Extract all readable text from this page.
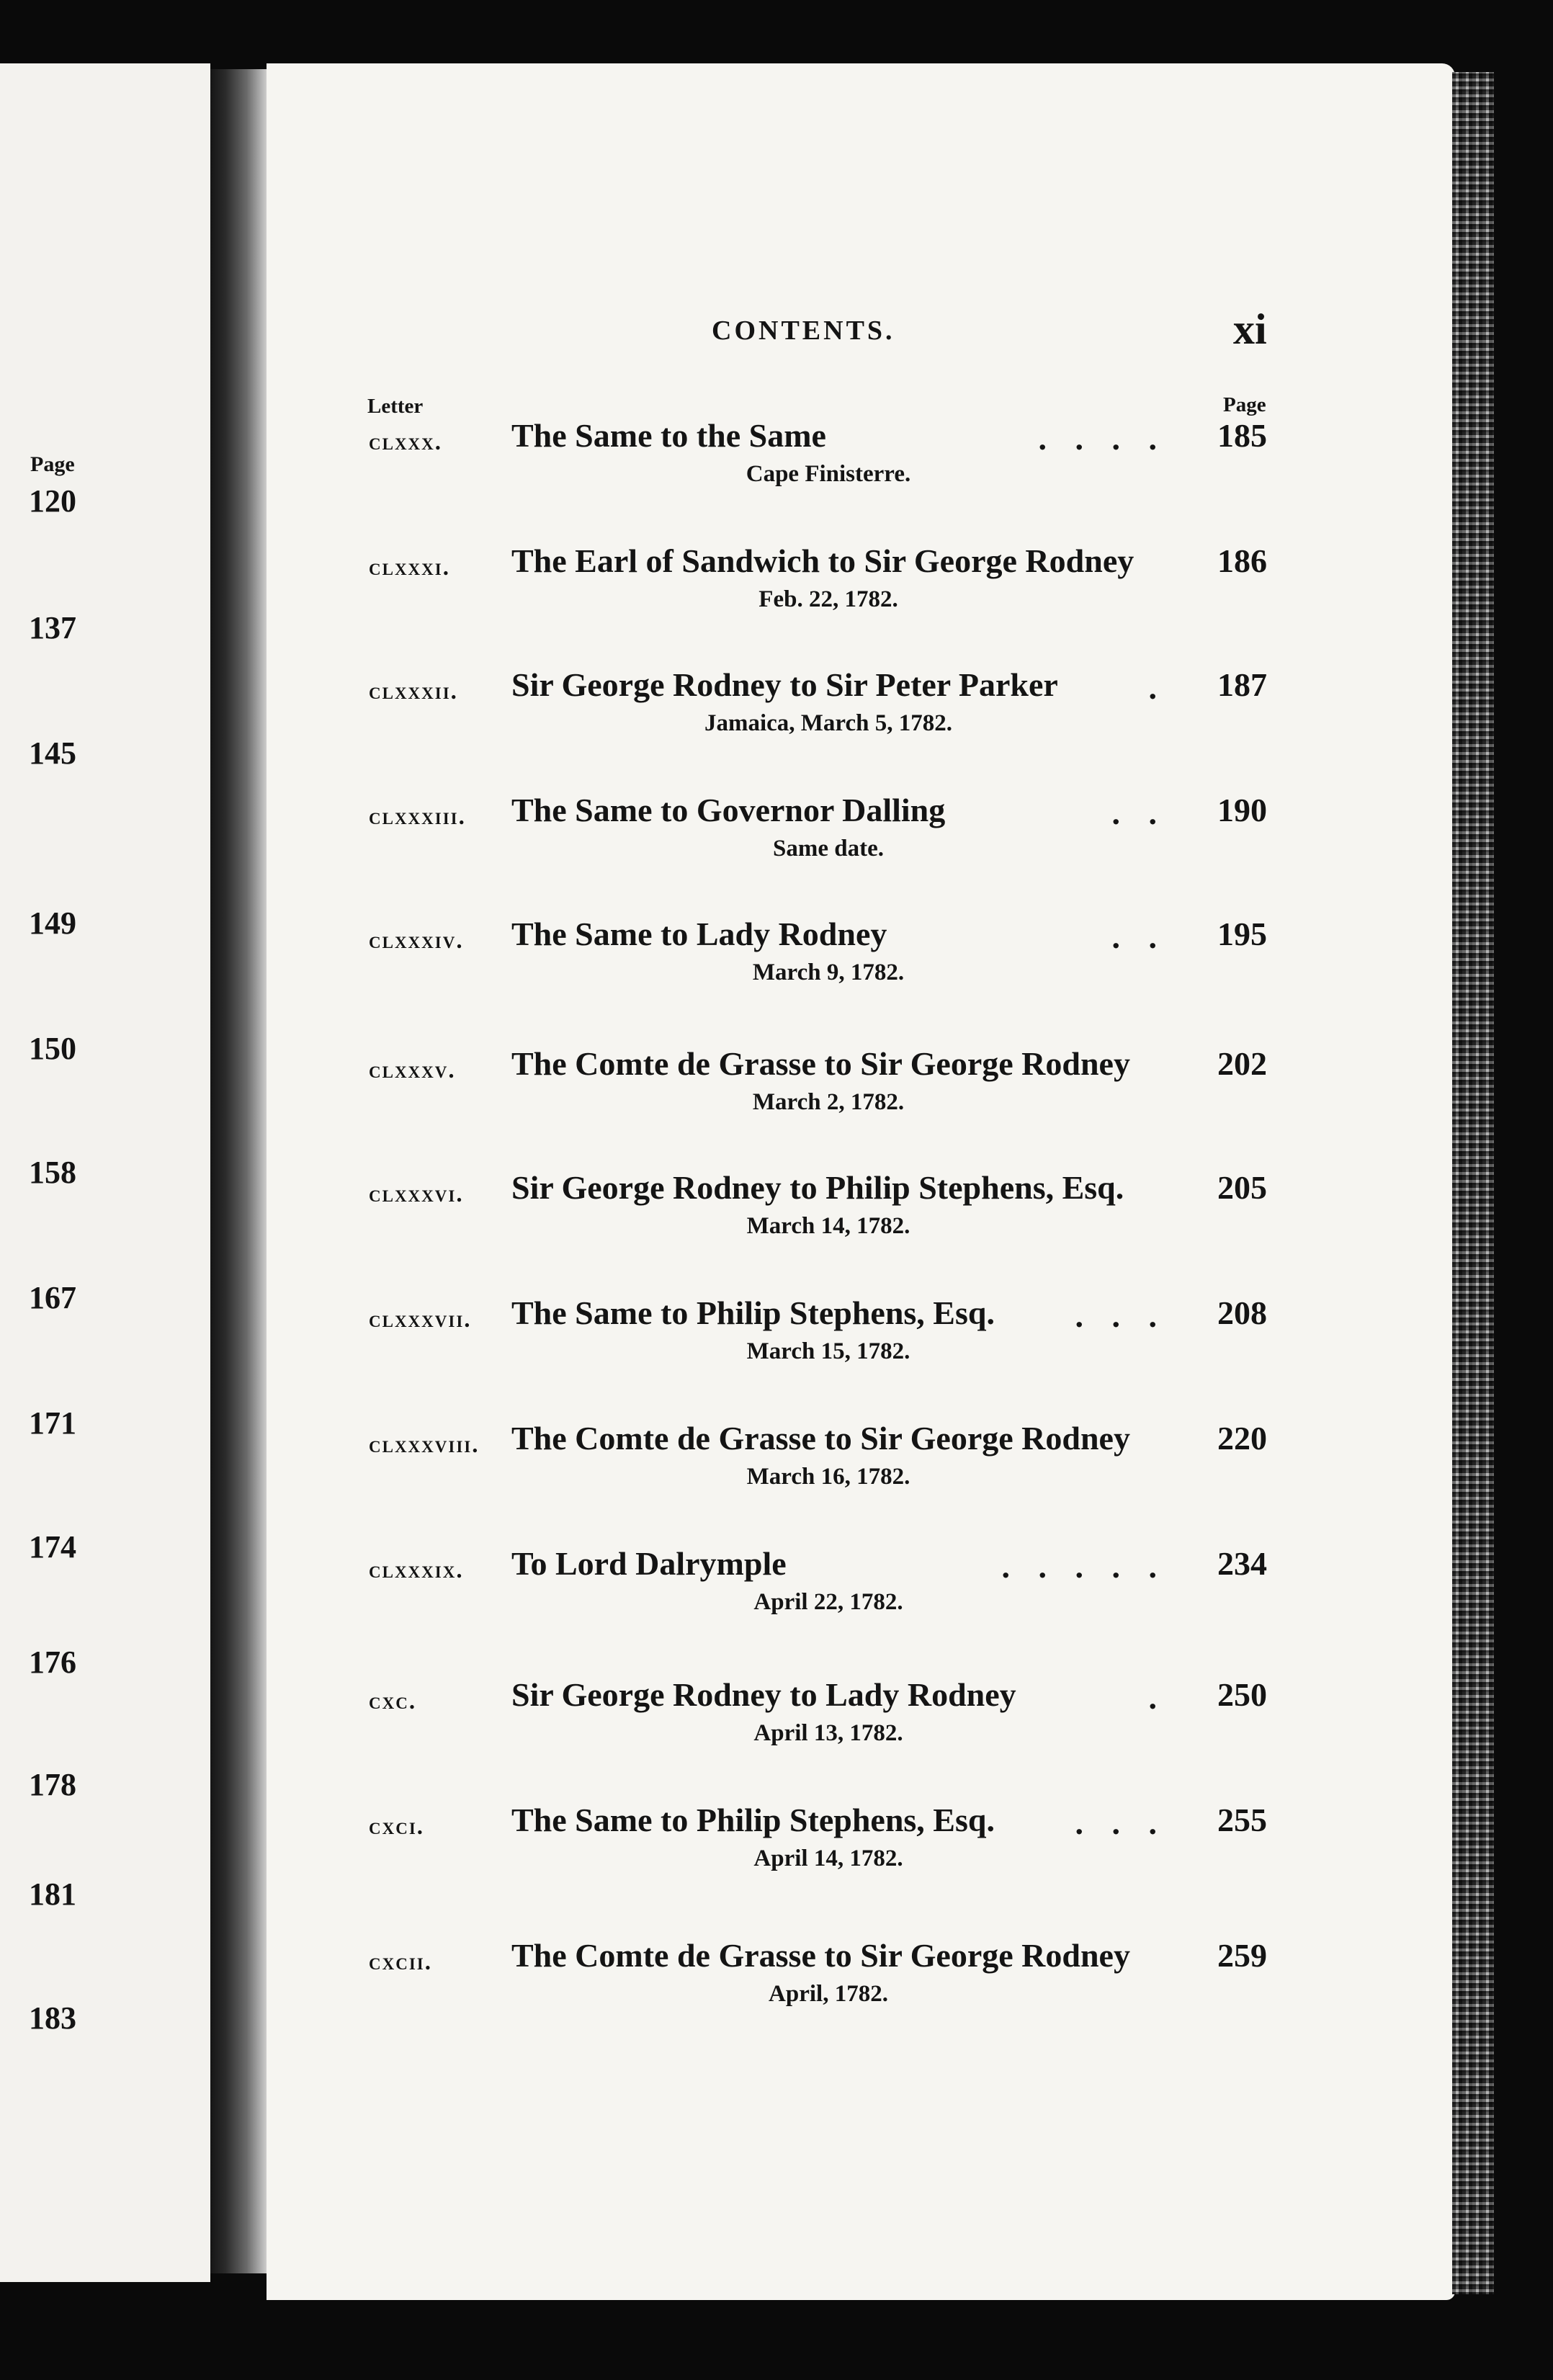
Page
120
137
145
149
150
158
167
171
174
176
178
181
183
CONTENTS.	xi
Letter	Page
clxxx. The Same to the Same	. . . . 185
Cape Finisterre.
clxxxi. The Earl of Sandwich to Sir George Rodney	186
Feb. 22, 1782.
clxxxii. Sir George Rodney to Sir Peter Parker	. 187
Jamaica, March 5, 1782.
clxxxiii. The Same to Governor Dalling	. . 190
Same date.
clxxxiv. The Same to Lady Rodney	. . 195
March 9, 1782.
clxxxv. The Comte de Grasse to Sir George Rodney	202
March 2, 1782.
clxxxvi. Sir George Rodney to Philip Stephens, Esq.	205
March 14, 1782.
clxxxvii. The Same to Philip Stephens, Esq.	. . . 208
March 15, 1782.
clxxxviii. The Comte de Grasse to Sir George Rodney	220
March 16, 1782.
clxxxix. To Lord Dalrymple	. . . . . 234
April 22, 1782.
cxc.	Sir George Rodney to Lady Rodney	. 250
April 13, 1782.
cxci.	The Same to Philip Stephens, Esq.	. . . 255
April 14, 1782.
cxcii. The Comte de Grasse to Sir George Rodney	259
April, 1782.
